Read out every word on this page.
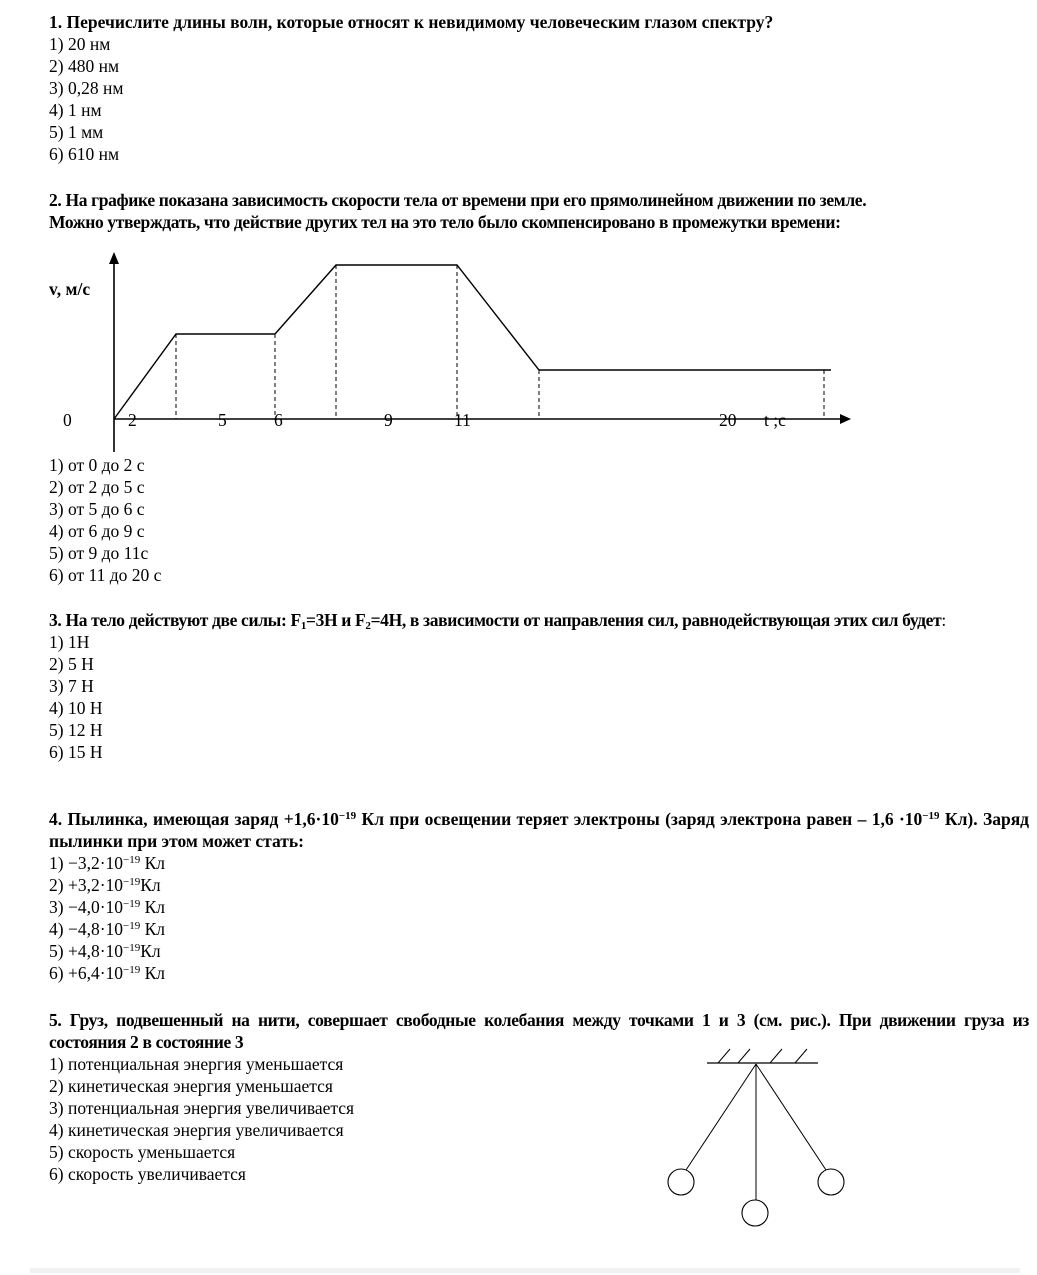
1. Перечислите длины волн, которые относят к невидимому человеческим глазом спектру?

1) 20 нм

2) 480 нм

3) 0,28 нм

4) 1 нм

5) 1 мм

6) 610 нм

2. На графике показана зависимость скорости тела от времени при его прямолинейном движении по земле.
Можно утверждать, что действие других тел на это тело было скомпенсировано в промежутки времени:

1) от 0 до 2 с

2) от 2 до 5 с

3) от 5 до 6 с

4) от 6 до 9 с

5) от 9 до 11с

6) от 11 до 20 с

3. На тело действуют две силы: $F_1=3Н$ и $F_2=4Н$, в зависимости от направления сил, равнодействующая этих сил будет:

1) 1Н

2) 5 Н

3) 7 Н

4) 10 Н

5) 12 Н

6) 15 Н

4. Пылинка, имеющая заряд $+1,6\cdot 10^{-19}$ Кл при освещении теряет электроны (заряд электрона равен – $1,6 \cdot 10^{-19}$ Кл). Заряд пылинки при этом может стать:

$1) -3,2\cdot 10^{-19}$ Кл

$2) +3,2\cdot 10^{-19}Кл$

$3) -4,0\cdot 10^{-19}$ Кл

$4) -4,8\cdot 10^{-19}$ Кл

$5) +4,8\cdot 10^{-19}Кл$

$6) +6,4\cdot 10^{-19}$ Кл

5. Груз, подвешенный на нити, совершает свободные колебания между точками 1 и 3 (см. рис.). При движении груза из состояния 2 в состояние 3

1) потенциальная энергия уменьшается

2) кинетическая энергия уменьшается

3) потенциальная энергия увеличивается

4) кинетическая энергия увеличивается

5) скорость уменьшается

6) скорость увеличивается

v, м/с
0	2	5	6	9	11	20 t ;с
